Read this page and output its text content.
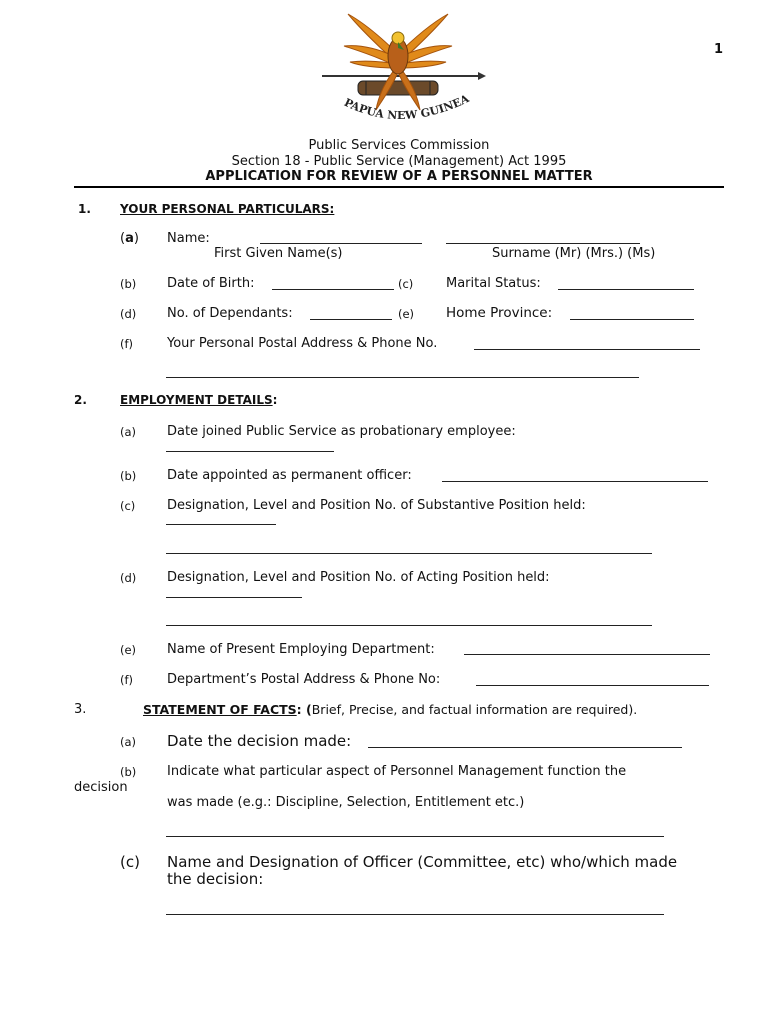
1
PAPUA NEW GUINEA
Public Services Commission
Section 18 - Public Service (Management) Act 1995
APPLICATION FOR REVIEW OF A PERSONNEL MATTER
1. YOUR PERSONAL PARTICULARS:
(a) Name:
First Given Name(s)	Surname (Mr) (Mrs.) (Ms)
(b) Date of Birth:	(c)	Marital Status:
(d) No. of Dependants:	(e) Home Province:
(f)	Your Personal Postal Address & Phone No.
2.	EMPLOYMENT DETAILS:
(a) Date joined Public Service as probationary employee:
(b) Date appointed as permanent officer:
(c) Designation, Level and Position No. of Substantive Position held:
(d) Designation, Level and Position No. of Acting Position held:
(e) Name of Present Employing Department:
(f)	Department’s Postal Address & Phone No:
3.	STATEMENT OF FACTS: (Brief, Precise, and factual information are required).
(a) Date the decision made:
(b) Indicate what particular aspect of Personnel Management function the
decision
was made (e.g.: Discipline, Selection, Entitlement etc.)
(c) Name and Designation of Officer (Committee, etc) who/which made
the decision:
